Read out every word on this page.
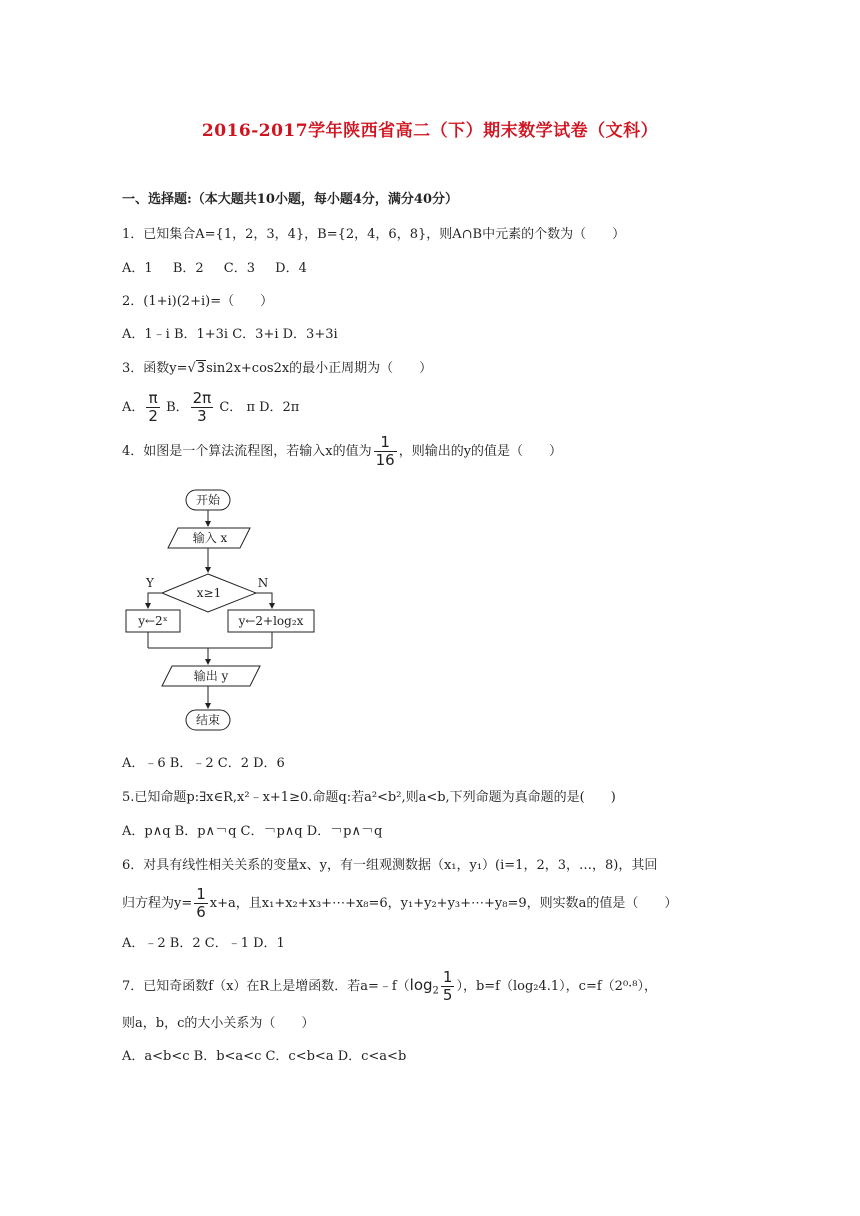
2016-2017学年陕西省高二（下）期末数学试卷（文科）
一、选择题:（本大题共10小题，每小题4分，满分40分）
1．已知集合A={1，2，3，4}，B={2，4，6，8}，则A∩B中元素的个数为（　　）
A．1 B．2 C．3 D．4
2．(1+i)(2+i)=（　　）
A．1﹣i B．1+3i C．3+i D．3+3i
3．函数y=√3sin2x+cos2x的最小正周期为（　　）
A． $\frac{\pi}{2}$ B． $\frac{2\pi}{3}$ C． π D．2π
4．如图是一个算法流程图，若输入x的值为 $\frac{1}{16}$ ，则输出的y的值是（　　）
开始
输入 x
x≥1
Y	N
y←2ˣ	y←2+log₂x
输出 y
结束
A．﹣6 B．﹣2 C．2 D．6
5.已知命题p:∃x∈R,x²﹣x+1≥0.命题q:若a²<b²,则a<b,下列命题为真命题的是(　　)
A．p∧q B．p∧￢q C．￢p∧q D．￢p∧￢q
6．对具有线性相关关系的变量x、y，有一组观测数据（x₁，y₁）(i=1，2，3，…，8)，其回
归方程为$y= \frac{1}{6} x+a$，且x₁+x₂+x₃+⋯+x₈=6，y₁+y₂+y₃+⋯+y₈=9，则实数a的值是（　　）
A．﹣2 B．2 C．﹣1 D．1
7．已知奇函数f（x）在R上是增函数．若$a=﹣f(\log_2 \frac{1}{5}$ ），b=f（log₂4.1），c=f（2⁰·⁸），
则a，b，c的大小关系为（　　）
A．a<b<c B．b<a<c C．c<b<a D．c<a<b
